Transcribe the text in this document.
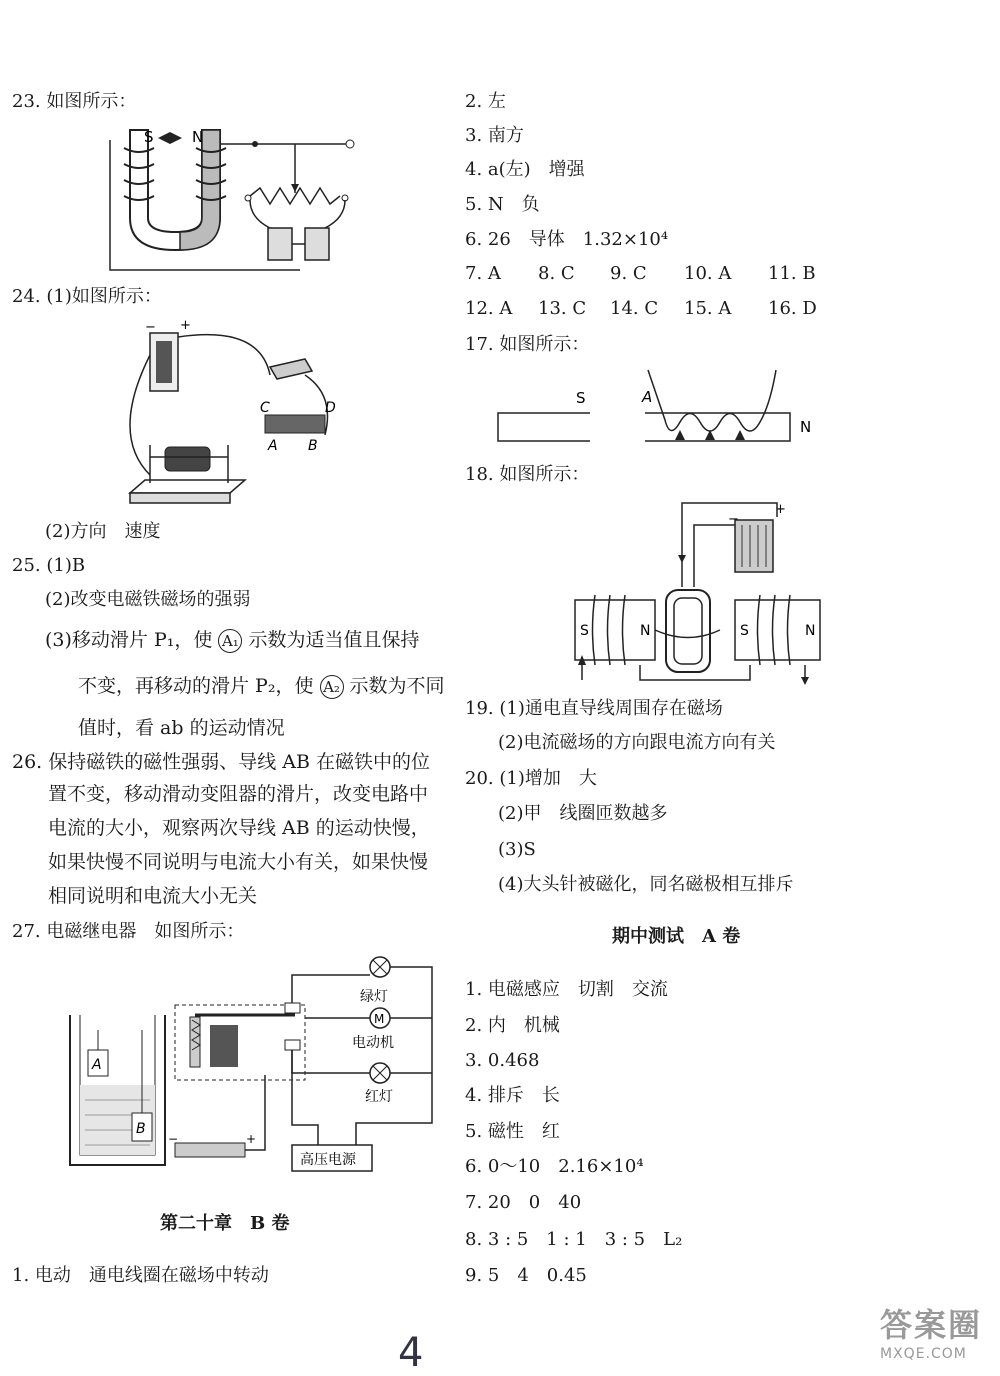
23. 如图所示：
S	N
24. (1)如图所示：
− +
C	D
A B
(2)方向　速度
25. (1)B
(2)改变电磁铁磁场的强弱
(3)移动滑片 P₁，使 A₁ 示数为适当值且保持
不变，再移动的滑片 P₂，使 A₂ 示数为不同
值时，看 ab 的运动情况
26. 保持磁铁的磁性强弱、导线 AB 在磁铁中的位
置不变，移动滑动变阻器的滑片，改变电路中
电流的大小，观察两次导线 AB 的运动快慢，
如果快慢不同说明与电流大小有关，如果快慢
相同说明和电流大小无关
27. 电磁继电器　如图所示：
A
B
−	+
绿灯
M
电动机
红灯
高压电源
第二十章　B 卷
1. 电动　通电线圈在磁场中转动
2. 左
3. 南方
4. a(左)　增强
5. N　负
6. 26　导体　1.32×10⁴
7. A 8. C 9. C 10. A 11. B
12. A 13. C 14. C 15. A 16. D
17. 如图所示：
S	A
N
18. 如图所示：
−
+
S	N	S	N
19. (1)通电直导线周围存在磁场
(2)电流磁场的方向跟电流方向有关
20. (1)增加　大
(2)甲　线圈匝数越多
(3)S
(4)大头针被磁化，同名磁极相互排斥
期中测试　A 卷
1. 电磁感应　切割　交流
2. 内　机械
3. 0.468
4. 排斥　长
5. 磁性　红
6. 0～10　2.16×10⁴
7. 20　0　40
8. 3 : 5　1 : 1　3 : 5　L₂
9. 5　4　0.45
4
答案圈
MXQE.COM
